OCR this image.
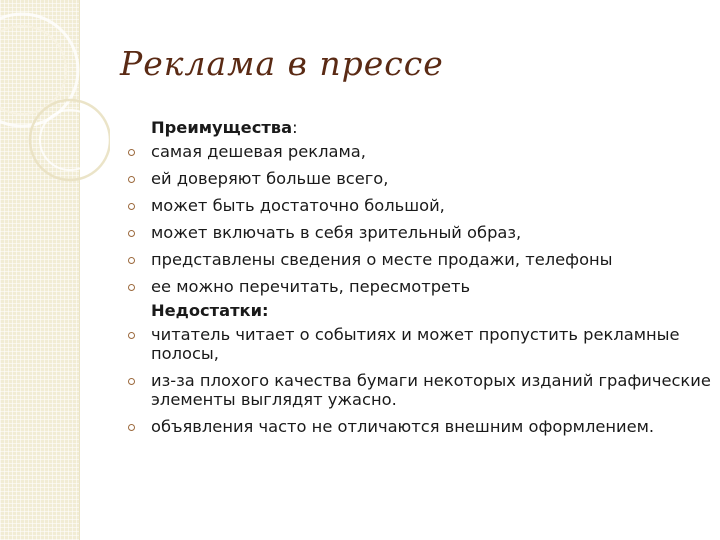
Реклама в прессе
Преимущества:
самая дешевая реклама,
ей доверяют больше всего,
может быть достаточно большой,
может включать в себя зрительный образ,
представлены сведения о месте продажи, телефоны
ее можно перечитать, пересмотреть
Недостатки:
читатель читает о событиях и может пропустить рекламные полосы,
из-за плохого качества бумаги некоторых изданий графические элементы выглядят ужасно.
объявления часто не отличаются внешним оформлением.
